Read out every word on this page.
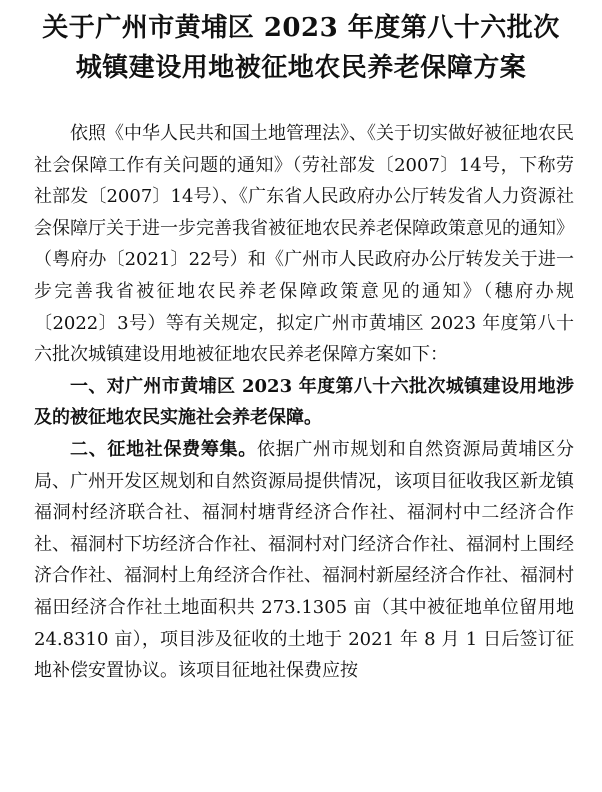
关于广州市黄埔区 2023 年度第八十六批次
城镇建设用地被征地农民养老保障方案

依照《中华人民共和国土地管理法》、《关于切实做好被征地农民社会保障工作有关问题的通知》（劳社部发〔2007〕14号，下称劳社部发〔2007〕14号）、《广东省人民政府办公厅转发省人力资源社会保障厅关于进一步完善我省被征地农民养老保障政策意见的通知》（粤府办〔2021〕22号）和《广州市人民政府办公厅转发关于进一步完善我省被征地农民养老保障政策意见的通知》（穗府办规〔2022〕3号）等有关规定，拟定广州市黄埔区 2023 年度第八十六批次城镇建设用地被征地农民养老保障方案如下：

一、对广州市黄埔区 2023 年度第八十六批次城镇建设用地涉及的被征地农民实施社会养老保障。

二、征地社保费筹集。依据广州市规划和自然资源局黄埔区分局、广州开发区规划和自然资源局提供情况，该项目征收我区新龙镇福洞村经济联合社、福洞村塘背经济合作社、福洞村中二经济合作社、福洞村下坊经济合作社、福洞村对门经济合作社、福洞村上围经济合作社、福洞村上角经济合作社、福洞村新屋经济合作社、福洞村福田经济合作社土地面积共 273.1305 亩（其中被征地单位留用地 24.8310 亩），项目涉及征收的土地于 2021 年 8 月 1 日后签订征地补偿安置协议。该项目征地社保费应按
